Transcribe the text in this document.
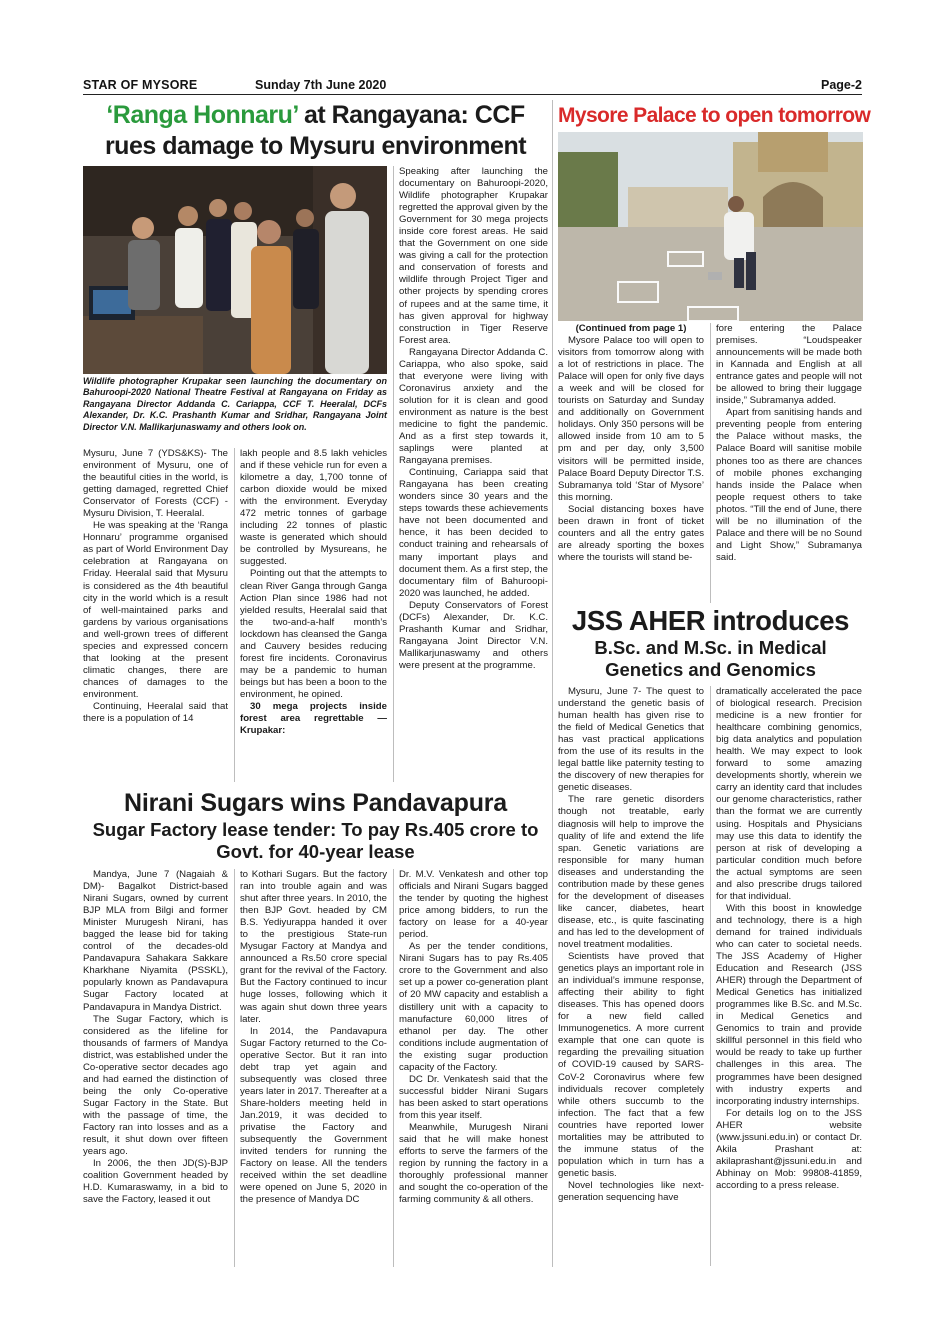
STAR OF MYSORE	Sunday 7th June 2020	Page-2
‘Ranga Honnaru’ at Rangayana: CCF rues damage to Mysuru environment
Mysore Palace to open tomorrow
Wildlife photographer Krupakar seen launching the documentary on Bahuroopi-2020 National Theatre Festival at Rangayana on Friday as Rangayana Director Addanda C. Cariappa, CCF T. Heeralal, DCFs Alexander, Dr. K.C. Prashanth Kumar and Sridhar, Rangayana Joint Director V.N. Mallikarjunaswamy and others look on.

Mysuru, June 7 (YDS&KS)- The environment of Mysuru, one of the beautiful cities in the world, is getting damaged, regretted Chief Conservator of Forests (CCF) - Mysuru Division, T. Heeralal.

He was speaking at the ‘Ranga Honnaru’ programme organised as part of World Environment Day celebration at Rangayana on Friday. Heeralal said that Mysuru is considered as the 4th beautiful city in the world which is a result of well-maintained parks and gardens by various organisations and well-grown trees of different species and expressed concern that looking at the present climatic changes, there are chances of damages to the environment.

Continuing, Heeralal said that there is a population of 14

lakh people and 8.5 lakh vehicles and if these vehicle run for even a kilometre a day, 1,700 tonne of carbon dioxide would be mixed with the environment. Everyday 472 metric tonnes of garbage including 22 tonnes of plastic waste is generated which should be controlled by Mysureans, he suggested.

Pointing out that the attempts to clean River Ganga through Ganga Action Plan since 1986 had not yielded results, Heeralal said that the two-and-a-half month’s lockdown has cleansed the Ganga and Cauvery besides reducing forest fire incidents. Coronavirus may be a pandemic to human beings but has been a boon to the environment, he opined.

30 mega projects inside forest area regrettable — Krupakar:

Speaking after launching the documentary on Bahuroopi-2020, Wildlife photographer Krupakar regretted the approval given by the Government for 30 mega projects inside core forest areas. He said that the Government on one side was giving a call for the protection and conservation of forests and wildlife through Project Tiger and other projects by spending crores of rupees and at the same time, it has given approval for highway construction in Tiger Reserve Forest area.

Rangayana Director Addanda C. Cariappa, who also spoke, said that everyone were living with Coronavirus anxiety and the solution for it is clean and good environment as nature is the best medicine to fight the pandemic. And as a first step towards it, saplings were planted at Rangayana premises.

Continuing, Cariappa said that Rangayana has been creating wonders since 30 years and the steps towards these achievements have not been documented and hence, it has been decided to conduct training and rehearsals of many important plays and document them. As a first step, the documentary film of Bahuroopi-2020 was launched, he added.

Deputy Conservators of Forest (DCFs) Alexander, Dr. K.C. Prashanth Kumar and Sridhar, Rangayana Joint Director V.N. Mallikarjunaswamy and others were present at the programme.

(Continued from page 1)

Mysore Palace too will open to visitors from tomorrow along with a lot of restrictions in place. The Palace will open for only five days a week and will be closed for tourists on Saturday and Sunday and additionally on Government holidays. Only 350 persons will be allowed inside from 10 am to 5 pm and per day, only 3,500 visitors will be permitted inside, Palace Board Deputy Director T.S. Subramanya told ‘Star of Mysore’ this morning.

Social distancing boxes have been drawn in front of ticket counters and all the entry gates are already sporting the boxes where the tourists will stand be-

fore entering the Palace premises. “Loudspeaker announcements will be made both in Kannada and English at all entrance gates and people will not be allowed to bring their luggage inside,” Subramanya added.

Apart from sanitising hands and preventing people from entering the Palace without masks, the Palace Board will sanitise mobile phones too as there are chances of mobile phones exchanging hands inside the Palace when people request others to take photos. “Till the end of June, there will be no illumination of the Palace and there will be no Sound and Light Show,” Subramanya said.

JSS AHER introduces
B.Sc. and M.Sc. in Medical Genetics and Genomics

Mysuru, June 7- The quest to understand the genetic basis of human health has given rise to the field of Medical Genetics that has vast practical applications from the use of its results in the legal battle like paternity testing to the discovery of new therapies for genetic diseases.

The rare genetic disorders though not treatable, early diagnosis will help to improve the quality of life and extend the life span. Genetic variations are responsible for many human diseases and understanding the contribution made by these genes for the development of diseases like cancer, diabetes, heart disease, etc., is quite fascinating and has led to the development of novel treatment modalities.

Scientists have proved that genetics plays an important role in an individual’s immune response, affecting their ability to fight diseases. This has opened doors for a new field called Immunogenetics. A more current example that one can quote is regarding the prevailing situation of COVID-19 caused by SARS-CoV-2 Coronavirus where few individuals recover completely while others succumb to the infection. The fact that a few countries have reported lower mortalities may be attributed to the immune status of the population which in turn has a genetic basis.

Novel technologies like next-generation sequencing have

dramatically accelerated the pace of biological research. Precision medicine is a new frontier for healthcare combining genomics, big data analytics and population health. We may expect to look forward to some amazing developments shortly, wherein we carry an identity card that includes our genome characteristics, rather than the format we are currently using. Hospitals and Physicians may use this data to identify the person at risk of developing a particular condition much before the actual symptoms are seen and also prescribe drugs tailored for that individual.

With this boost in knowledge and technology, there is a high demand for trained individuals who can cater to societal needs. The JSS Academy of Higher Education and Research (JSS AHER) through the Department of Medical Genetics has initialized programmes like B.Sc. and M.Sc. in Medical Genetics and Genomics to train and provide skillful personnel in this field who would be ready to take up further challenges in this area. The programmes have been designed with industry experts and incorporating industry internships.

For details log on to the JSS AHER website (www.jssuni.edu.in) or contact Dr. Akila Prashant at: akilaprashant@jssuni.edu.in and Abhinay on Mob: 99808-41859, according to a press release.

Nirani Sugars wins Pandavapura
Sugar Factory lease tender: To pay Rs.405 crore to Govt. for 40-year lease

Mandya, June 7 (Nagaiah & DM)- Bagalkot District-based Nirani Sugars, owned by current BJP MLA from Bilgi and former Minister Murugesh Nirani, has bagged the lease bid for taking control of the decades-old Pandavapura Sahakara Sakkare Kharkhane Niyamita (PSSKL), popularly known as Pandavapura Sugar Factory located at Pandavapura in Mandya District.

The Sugar Factory, which is considered as the lifeline for thousands of farmers of Mandya district, was established under the Co-operative sector decades ago and had earned the distinction of being the only Co-operative Sugar Factory in the State. But with the passage of time, the Factory ran into losses and as a result, it shut down over fifteen years ago.

In 2006, the then JD(S)-BJP coalition Government headed by H.D. Kumaraswamy, in a bid to save the Factory, leased it out

to Kothari Sugars. But the factory ran into trouble again and was shut after three years. In 2010, the then BJP Govt. headed by CM B.S. Yediyurappa handed it over to the prestigious State-run Mysugar Factory at Mandya and announced a Rs.50 crore special grant for the revival of the Factory. But the Factory continued to incur huge losses, following which it was again shut down three years later.

In 2014, the Pandavapura Sugar Factory returned to the Co-operative Sector. But it ran into debt trap yet again and subsequently was closed three years later in 2017. Thereafter at a Share-holders meeting held in Jan.2019, it was decided to privatise the Factory and subsequently the Government invited tenders for running the Factory on lease. All the tenders received within the set deadline were opened on June 5, 2020 in the presence of Mandya DC

Dr. M.V. Venkatesh and other top officials and Nirani Sugars bagged the tender by quoting the highest price among bidders, to run the factory on lease for a 40-year period.

As per the tender conditions, Nirani Sugars has to pay Rs.405 crore to the Government and also set up a power co-generation plant of 20 MW capacity and establish a distillery unit with a capacity to manufacture 60,000 litres of ethanol per day. The other conditions include augmentation of the existing sugar production capacity of the Factory.

DC Dr. Venkatesh said that the successful bidder Nirani Sugars has been asked to start operations from this year itself.

Meanwhile, Murugesh Nirani said that he will make honest efforts to serve the farmers of the region by running the factory in a thoroughly professional manner and sought the co-operation of the farming community & all others.
